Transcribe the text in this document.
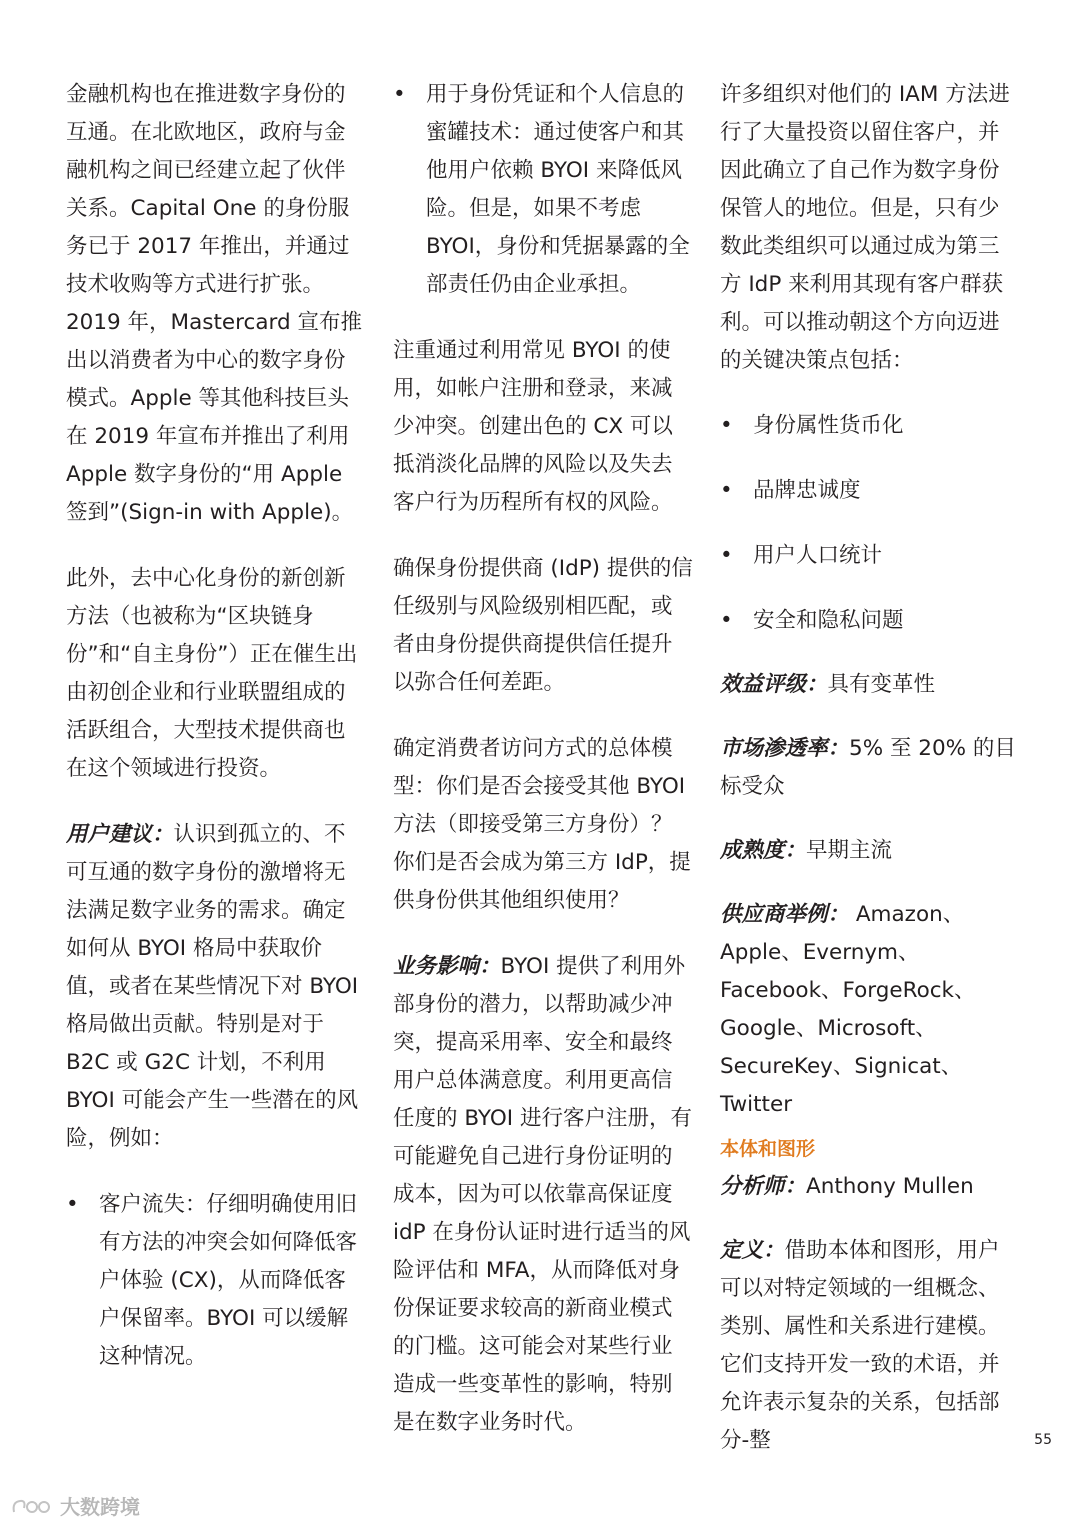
金融机构也在推进数字身份的互通。在北欧地区，政府与金融机构之间已经建立起了伙伴关系。Capital One 的身份服务已于 2017 年推出，并通过技术收购等方式进行扩张。2019 年，Mastercard 宣布推出以消费者为中心的数字身份模式。Apple 等其他科技巨头在 2019 年宣布并推出了利用 Apple 数字身份的“用 Apple 签到”(Sign-in with Apple)。

此外，去中心化身份的新创新方法（也被称为“区块链身份”和“自主身份”）正在催生出由初创企业和行业联盟组成的活跃组合，大型技术提供商也在这个领域进行投资。

用户建议：认识到孤立的、不可互通的数字身份的激增将无法满足数字业务的需求。确定如何从 BYOI 格局中获取价值，或者在某些情况下对 BYOI 格局做出贡献。特别是对于 B2C 或 G2C 计划，不利用 BYOI 可能会产生一些潜在的风险，例如：

• 客户流失：仔细明确使用旧有方法的冲突会如何降低客户体验 (CX)，从而降低客户保留率。BYOI 可以缓解这种情况。
• 用于身份凭证和个人信息的蜜罐技术：通过使客户和其他用户依赖 BYOI 来降低风险。但是，如果不考虑 BYOI，身份和凭据暴露的全部责任仍由企业承担。

注重通过利用常见 BYOI 的使用，如帐户注册和登录，来减少冲突。创建出色的 CX 可以抵消淡化品牌的风险以及失去客户行为历程所有权的风险。

确保身份提供商 (IdP) 提供的信任级别与风险级别相匹配，或者由身份提供商提供信任提升以弥合任何差距。

确定消费者访问方式的总体模型：你们是否会接受其他 BYOI 方法（即接受第三方身份）？你们是否会成为第三方 IdP，提供身份供其他组织使用？

业务影响：BYOI 提供了利用外部身份的潜力，以帮助减少冲突，提高采用率、安全和最终用户总体满意度。利用更高信任度的 BYOI 进行客户注册，有可能避免自己进行身份证明的成本，因为可以依靠高保证度 idP 在身份认证时进行适当的风险评估和 MFA，从而降低对身份保证要求较高的新商业模式的门槛。这可能会对某些行业造成一些变革性的影响，特别是在数字业务时代。

许多组织对他们的 IAM 方法进行了大量投资以留住客户，并因此确立了自己作为数字身份保管人的地位。但是，只有少数此类组织可以通过成为第三方 IdP 来利用其现有客户群获利。可以推动朝这个方向迈进的关键决策点包括：

• 身份属性货币化
• 品牌忠诚度
• 用户人口统计
• 安全和隐私问题

效益评级：具有变革性

市场渗透率：5% 至 20% 的目标受众

成熟度：早期主流

供应商举例： Amazon、Apple、Evernym、Facebook、ForgeRock、Google、Microsoft、SecureKey、Signicat、Twitter

本体和图形

分析师：Anthony Mullen

定义：借助本体和图形，用户可以对特定领域的一组概念、类别、属性和关系进行建模。它们支持开发一致的术语，并允许表示复杂的关系，包括部分-整	55
大数跨境
